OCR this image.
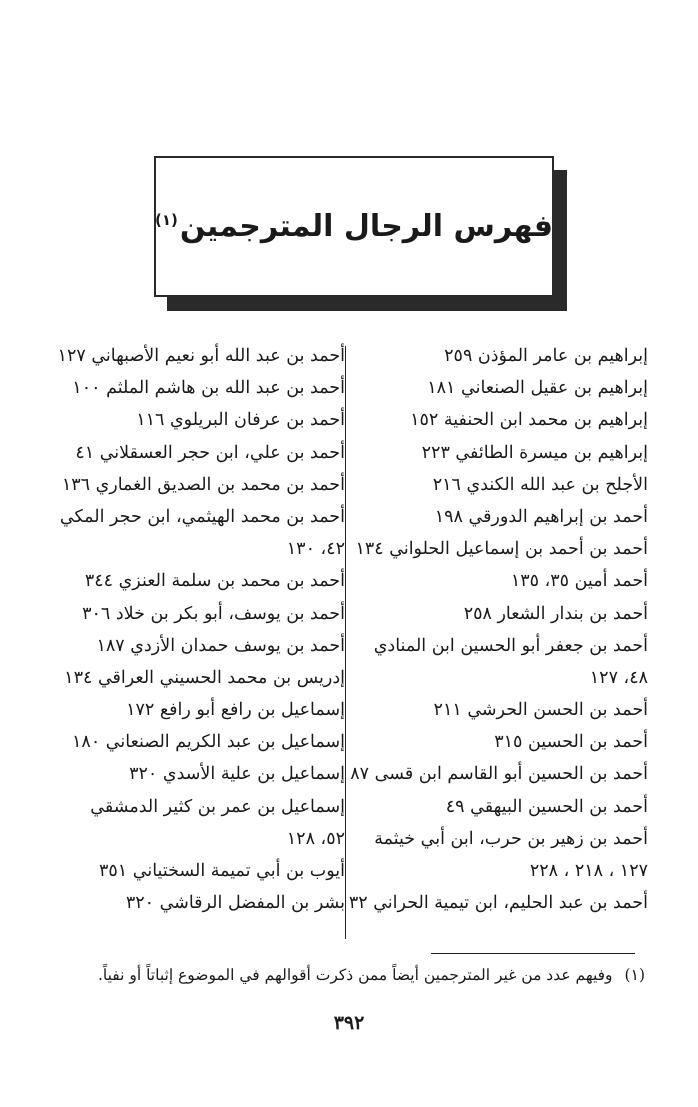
فهرس الرجال المترجمين$^{(١)}$
إبراهيم بن عامر المؤذن ٢٥٩
إبراهيم بن عقيل الصنعاني ١٨١
إبراهيم بن محمد ابن الحنفية ١٥٢
إبراهيم بن ميسرة الطائفي ٢٢٣
الأجلح بن عبد الله الكندي ٢١٦
أحمد بن إبراهيم الدورقي ١٩٨
أحمد بن أحمد بن إسماعيل الحلواني ١٣٤
أحمد أمين ٣٥، ١٣٥
أحمد بن بندار الشعار ٢٥٨
أحمد بن جعفر أبو الحسين ابن المنادي
٤٨، ١٢٧
أحمد بن الحسن الحرشي ٢١١
أحمد بن الحسين ٣١٥
أحمد بن الحسين أبو القاسم ابن قسى ٨٧
أحمد بن الحسين البيهقي ٤٩
أحمد بن زهير بن حرب، ابن أبي خيثمة
١٢٧ ، ٢١٨ ، ٢٢٨
أحمد بن عبد الحليم، ابن تيمية الحراني ٣٢
أحمد بن عبد الله أبو نعيم الأصبهاني ١٢٧
أحمد بن عبد الله بن هاشم الملثم ١٠٠
أحمد بن عرفان البريلوي ١١٦
أحمد بن علي، ابن حجر العسقلاني ٤١
أحمد بن محمد بن الصديق الغماري ١٣٦
أحمد بن محمد الهيثمي، ابن حجر المكي
٤٢، ١٣٠
أحمد بن محمد بن سلمة العنزي ٣٤٤
أحمد بن يوسف، أبو بكر بن خلاد ٣٠٦
أحمد بن يوسف حمدان الأزدي ١٨٧
إدريس بن محمد الحسيني العراقي ١٣٤
إسماعيل بن رافع أبو رافع ١٧٢
إسماعيل بن عبد الكريم الصنعاني ١٨٠
إسماعيل بن علية الأسدي ٣٢٠
إسماعيل بن عمر بن كثير الدمشقي
٥٢، ١٢٨
أيوب بن أبي تميمة السختياني ٣٥١
بشر بن المفضل الرقاشي ٣٢٠
(١)وفيهم عدد من غير المترجمين أيضاً ممن ذكرت أقوالهم في الموضوع إثباتاً أو نفياً.
٣٩٢
